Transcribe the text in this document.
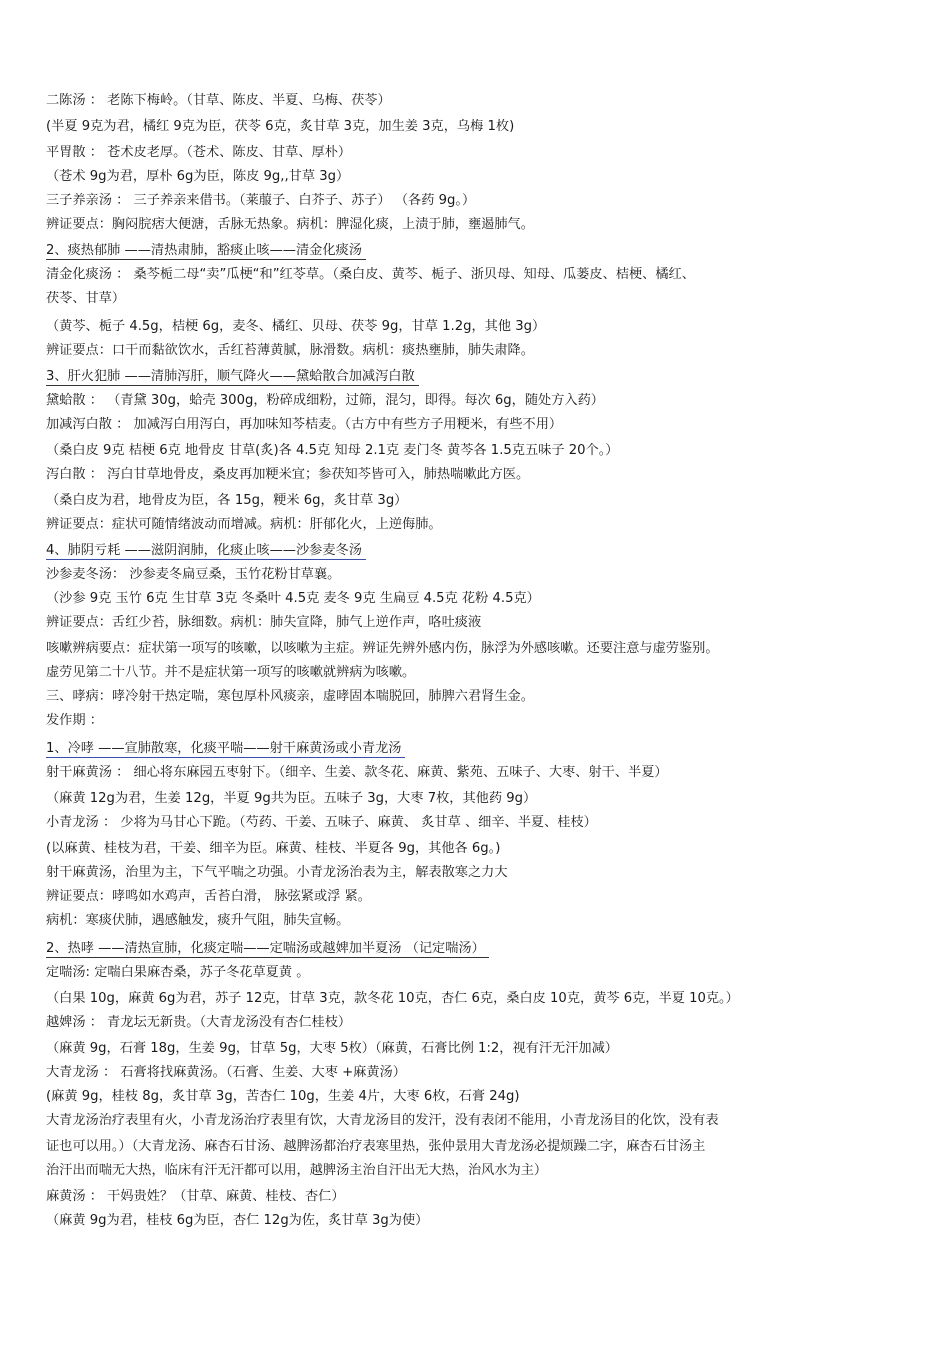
二陈汤 ： 老陈下梅岭。（甘草、陈皮、半夏、乌梅、茯苓）
(半夏 9克为君，橘红 9克为臣，茯苓 6克，炙甘草 3克，加生姜 3克，乌梅 1枚)
平胃散 ： 苍术皮老厚。（苍术、陈皮、甘草、厚朴）
（苍术 9g为君，厚朴 6g为臣，陈皮 9g,,甘草 3g）
三子养亲汤 ： 三子养亲来借书。（莱菔子、白芥子、苏子） （各药 9g。）
辨证要点：胸闷脘痞大便溏，舌脉无热象。病机：脾湿化痰，上渍于肺，壅遏肺气。
2、痰热郁肺 ——清热肃肺，豁痰止咳——清金化痰汤
清金化痰汤 ： 桑芩栀二母“卖”瓜梗“和”红苓草。（桑白皮、黄芩、栀子、浙贝母、知母、瓜蒌皮、桔梗、橘红、
茯苓、甘草）
（黄芩、栀子 4.5g，桔梗 6g，麦冬、橘红、贝母、茯苓 9g，甘草 1.2g，其他 3g）
辨证要点：口干而黏欲饮水，舌红苔薄黄腻，脉滑数。病机：痰热壅肺，肺失肃降。
3、肝火犯肺 ——清肺泻肝，顺气降火——黛蛤散合加减泻白散
黛蛤散 ： （青黛 30g，蛤壳 300g，粉碎成细粉，过筛，混匀，即得。每次 6g，随处方入药）
加减泻白散 ： 加减泻白用泻白，再加味知芩桔麦。（古方中有些方子用粳米，有些不用）
（桑白皮 9克 桔梗 6克 地骨皮 甘草(炙)各 4.5克 知母 2.1克 麦门冬 黄芩各 1.5克五味子 20个。）
泻白散 ： 泻白甘草地骨皮，桑皮再加粳米宜；参茯知芩皆可入，肺热喘嗽此方医。
（桑白皮为君，地骨皮为臣，各 15g，粳米 6g，炙甘草 3g）
辨证要点：症状可随情绪波动而增减。病机：肝郁化火，上逆侮肺。
4、肺阴亏耗 ——滋阴润肺，化痰止咳——沙参麦冬汤
沙参麦冬汤： 沙参麦冬扁豆桑，玉竹花粉甘草襄。
（沙参 9克 玉竹 6克 生甘草 3克 冬桑叶 4.5克 麦冬 9克 生扁豆 4.5克 花粉 4.5克）
辨证要点：舌红少苔，脉细数。病机：肺失宣降，肺气上逆作声，咯吐痰液
咳嗽辨病要点：症状第一项写的咳嗽，以咳嗽为主症。辨证先辨外感内伤，脉浮为外感咳嗽。还要注意与虚劳鉴别。
虚劳见第二十八节。并不是症状第一项写的咳嗽就辨病为咳嗽。
三、哮病：哮冷射干热定喘，寒包厚朴风痰亲，虚哮固本喘脱回，肺脾六君肾生金。
发作期 ：
1、冷哮 ——宣肺散寒，化痰平喘——射干麻黄汤或小青龙汤
射干麻黄汤 ： 细心将东麻园五枣射下。（细辛、生姜、款冬花、麻黄、紫苑、五味子、大枣、射干、半夏）
（麻黄 12g为君，生姜 12g，半夏 9g共为臣。五味子 3g，大枣 7枚，其他药 9g）
小青龙汤 ： 少将为马甘心下跪。（芍药、干姜、五味子、麻黄、 炙甘草 、细辛、半夏、桂枝）
(以麻黄、桂枝为君，干姜、细辛为臣。麻黄、桂枝、半夏各 9g，其他各 6g。)
射干麻黄汤，治里为主，下气平喘之功强。小青龙汤治表为主，解表散寒之力大
辨证要点：哮鸣如水鸡声，舌苔白滑， 脉弦紧或浮 紧。
病机：寒痰伏肺，遇感触发，痰升气阻，肺失宣畅。
2、热哮 ——清热宣肺，化痰定喘——定喘汤或越婢加半夏汤 （记定喘汤）
定喘汤: 定喘白果麻杏桑，苏子冬花草夏黄 。
（白果 10g，麻黄 6g为君，苏子 12克，甘草 3克，款冬花 10克，杏仁 6克，桑白皮 10克，黄芩 6克，半夏 10克。）
越婢汤 ： 青龙坛无新贵。（大青龙汤没有杏仁桂枝）
（麻黄 9g，石膏 18g，生姜 9g，甘草 5g，大枣 5枚）（麻黄，石膏比例 1:2，视有汗无汗加减）
大青龙汤 ： 石膏将找麻黄汤。（石膏、生姜、大枣 +麻黄汤）
(麻黄 9g，桂枝 8g，炙甘草 3g，苦杏仁 10g，生姜 4片，大枣 6枚，石膏 24g)
大青龙汤治疗表里有火，小青龙汤治疗表里有饮，大青龙汤目的发汗，没有表闭不能用，小青龙汤目的化饮，没有表
证也可以用。）（大青龙汤、麻杏石甘汤、越脾汤都治疗表寒里热，张仲景用大青龙汤必提烦躁二字，麻杏石甘汤主
治汗出而喘无大热，临床有汗无汗都可以用，越脾汤主治自汗出无大热，治风水为主）
麻黄汤 ： 干妈贵姓？（甘草、麻黄、桂枝、杏仁）
（麻黄 9g为君，桂枝 6g为臣，杏仁 12g为佐，炙甘草 3g为使）
